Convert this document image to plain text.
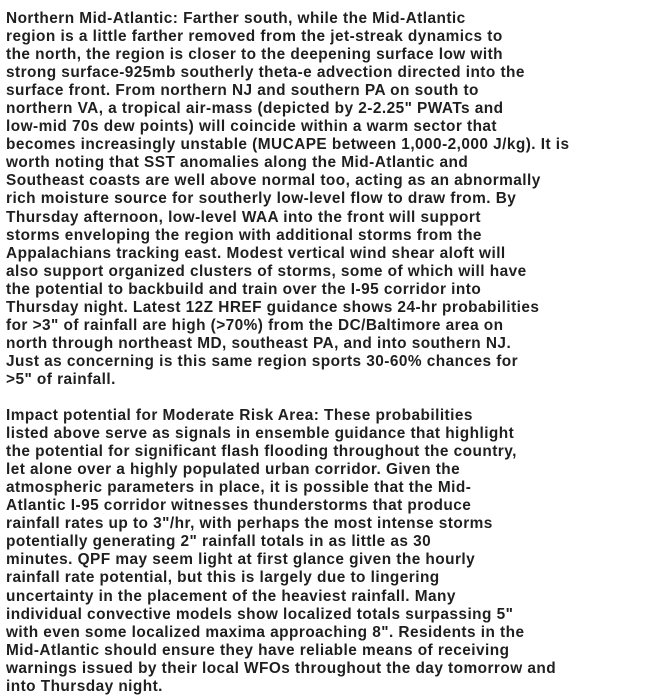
Northern Mid-Atlantic: Farther south, while the Mid-Atlantic
region is a little farther removed from the jet-streak dynamics to
the north, the region is closer to the deepening surface low with
strong surface-925mb southerly theta-e advection directed into the
surface front. From northern NJ and southern PA on south to
northern VA, a tropical air-mass (depicted by 2-2.25" PWATs and
low-mid 70s dew points) will coincide within a warm sector that
becomes increasingly unstable (MUCAPE between 1,000-2,000 J/kg). It is
worth noting that SST anomalies along the Mid-Atlantic and
Southeast coasts are well above normal too, acting as an abnormally
rich moisture source for southerly low-level flow to draw from. By
Thursday afternoon, low-level WAA into the front will support
storms enveloping the region with additional storms from the
Appalachians tracking east. Modest vertical wind shear aloft will
also support organized clusters of storms, some of which will have
the potential to backbuild and train over the I-95 corridor into
Thursday night. Latest 12Z HREF guidance shows 24-hr probabilities
for >3" of rainfall are high (>70%) from the DC/Baltimore area on
north through northeast MD, southeast PA, and into southern NJ.
Just as concerning is this same region sports 30-60% chances for
>5" of rainfall.
Impact potential for Moderate Risk Area: These probabilities
listed above serve as signals in ensemble guidance that highlight
the potential for significant flash flooding throughout the country,
let alone over a highly populated urban corridor. Given the
atmospheric parameters in place, it is possible that the Mid-
Atlantic I-95 corridor witnesses thunderstorms that produce
rainfall rates up to 3"/hr, with perhaps the most intense storms
potentially generating 2" rainfall totals in as little as 30
minutes. QPF may seem light at first glance given the hourly
rainfall rate potential, but this is largely due to lingering
uncertainty in the placement of the heaviest rainfall. Many
individual convective models show localized totals surpassing 5"
with even some localized maxima approaching 8". Residents in the
Mid-Atlantic should ensure they have reliable means of receiving
warnings issued by their local WFOs throughout the day tomorrow and
into Thursday night.
